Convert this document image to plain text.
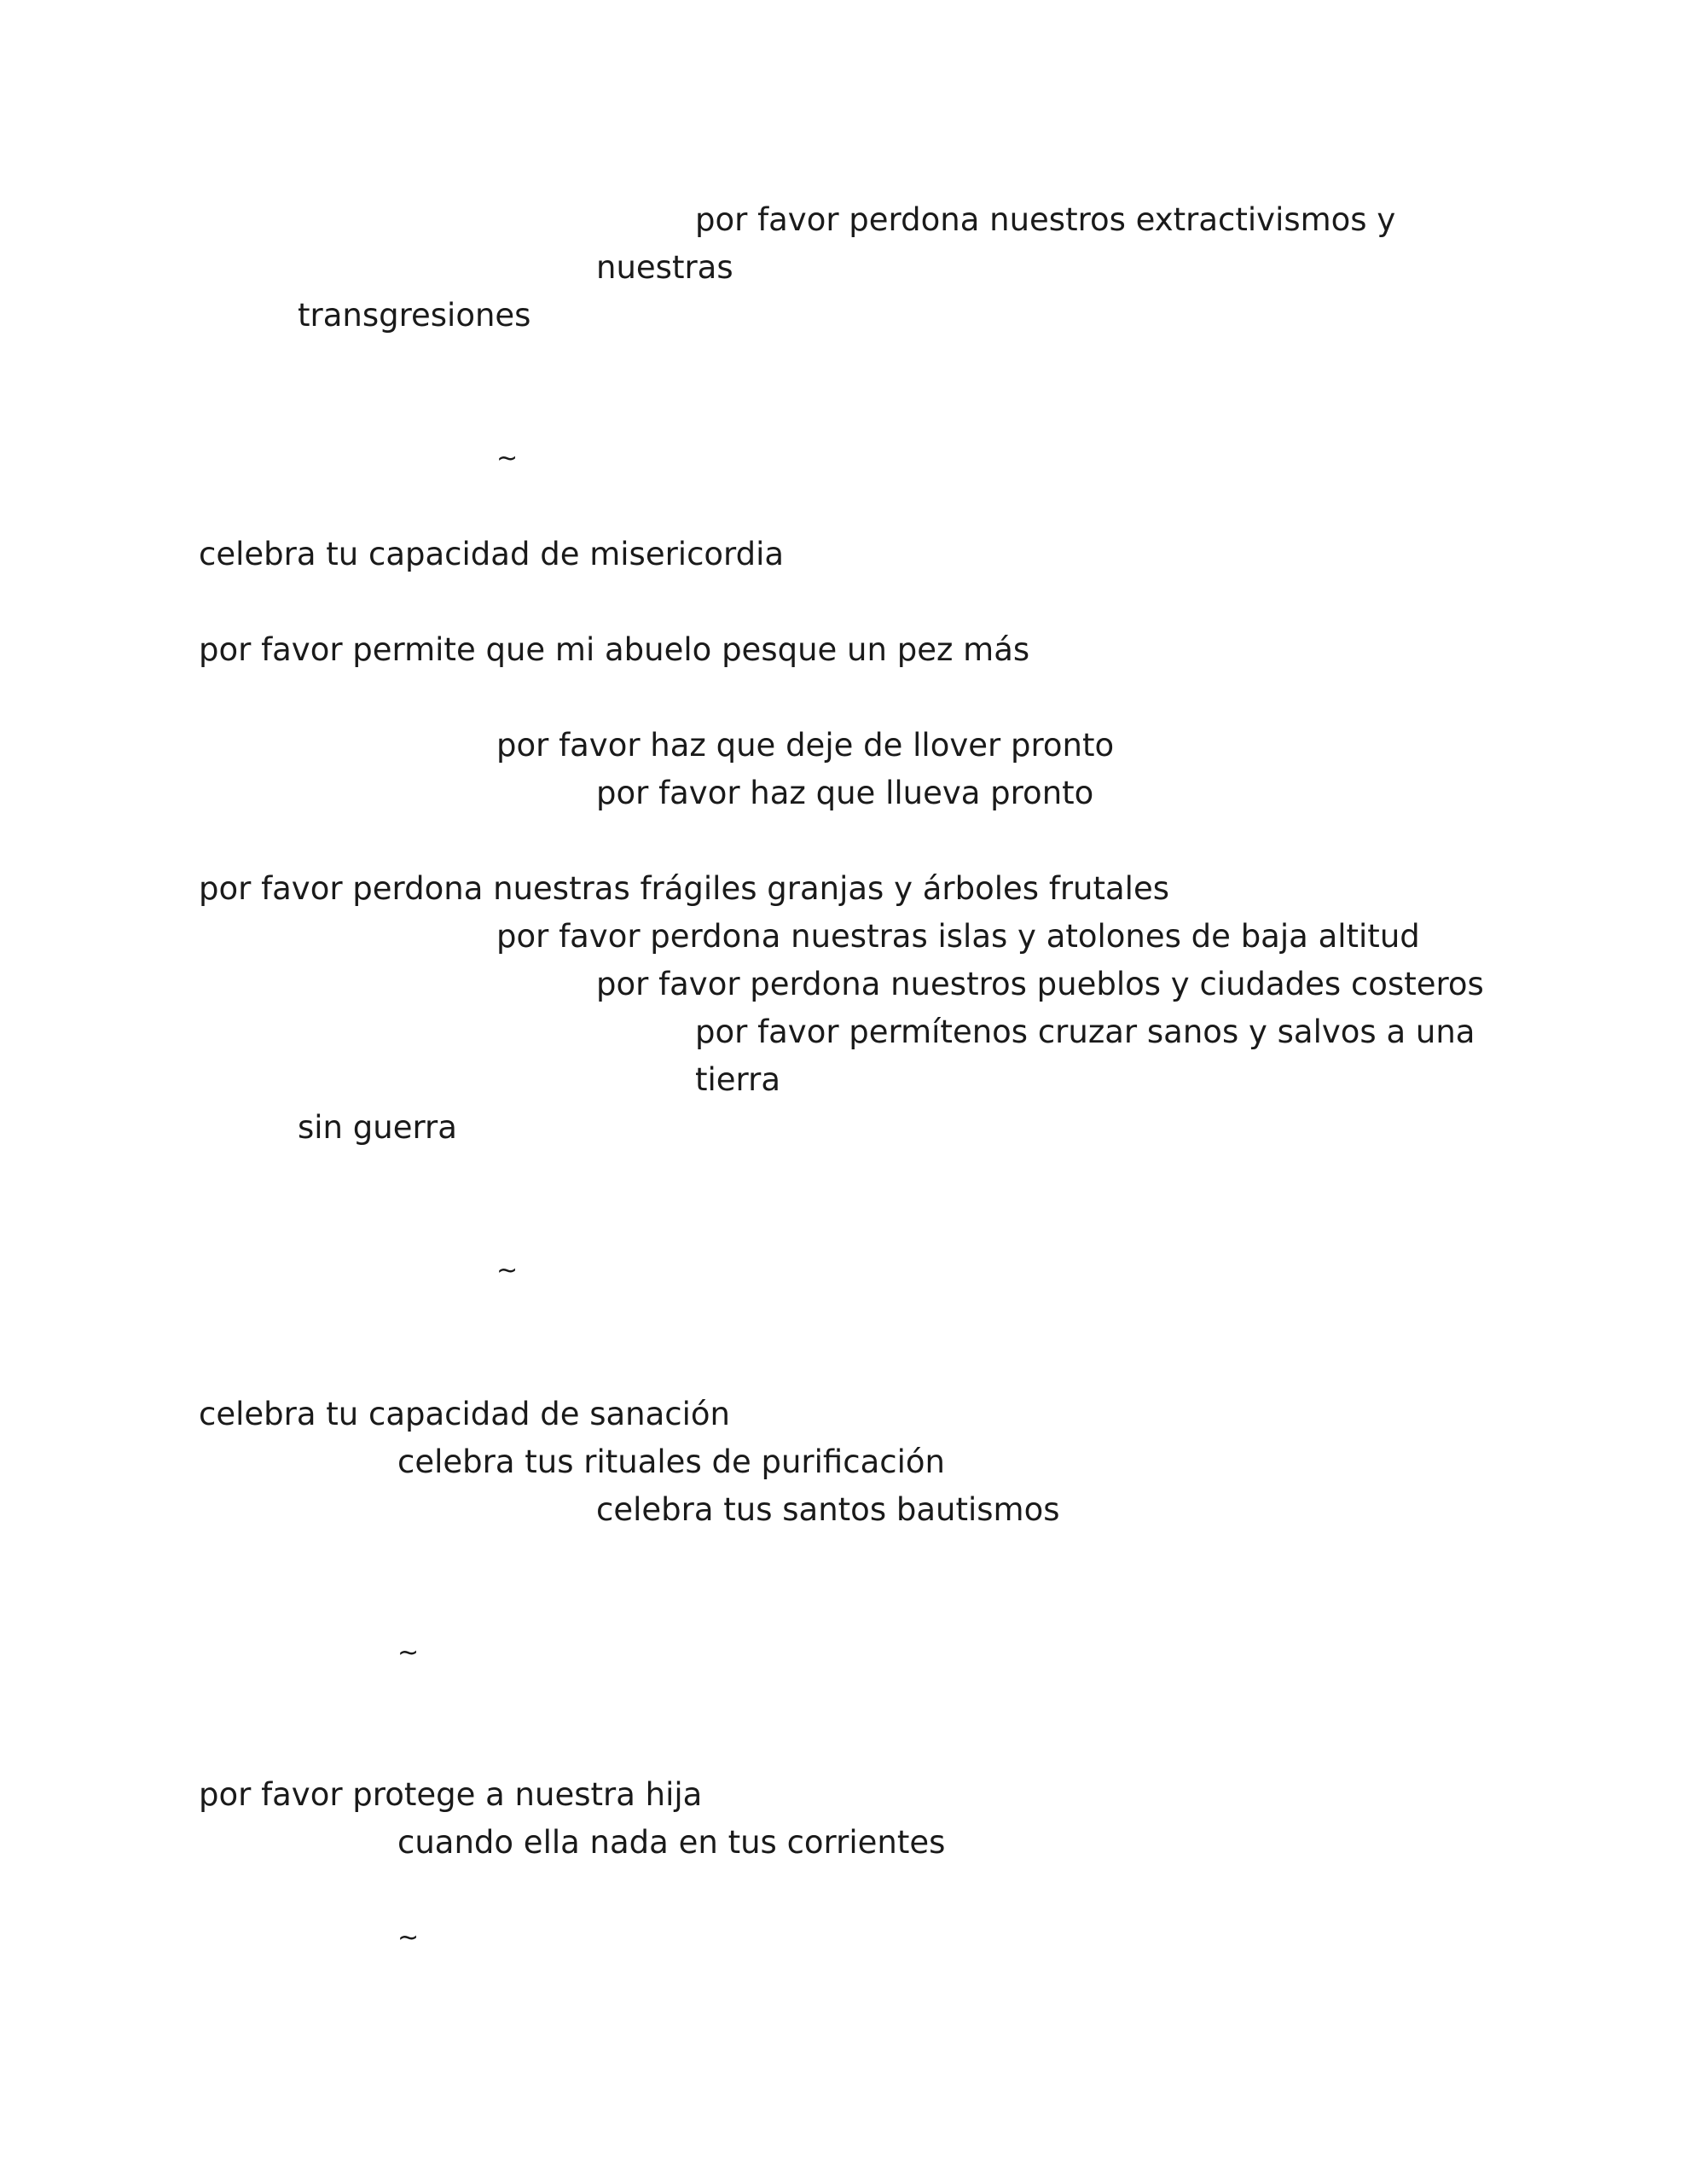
por favor perdona nuestros extractivismos y

nuestras

transgresiones

~

celebra tu capacidad de misericordia

por favor permite que mi abuelo pesque un pez más

por favor haz que deje de llover pronto

por favor haz que llueva pronto

por favor perdona nuestras frágiles granjas y árboles frutales

por favor perdona nuestras islas y atolones de baja altitud

por favor perdona nuestros pueblos y ciudades costeros

por favor permítenos cruzar sanos y salvos a una

tierra

sin guerra

~

celebra tu capacidad de sanación

celebra tus rituales de purificación

celebra tus santos bautismos

~

por favor protege a nuestra hija

cuando ella nada en tus corrientes

~
